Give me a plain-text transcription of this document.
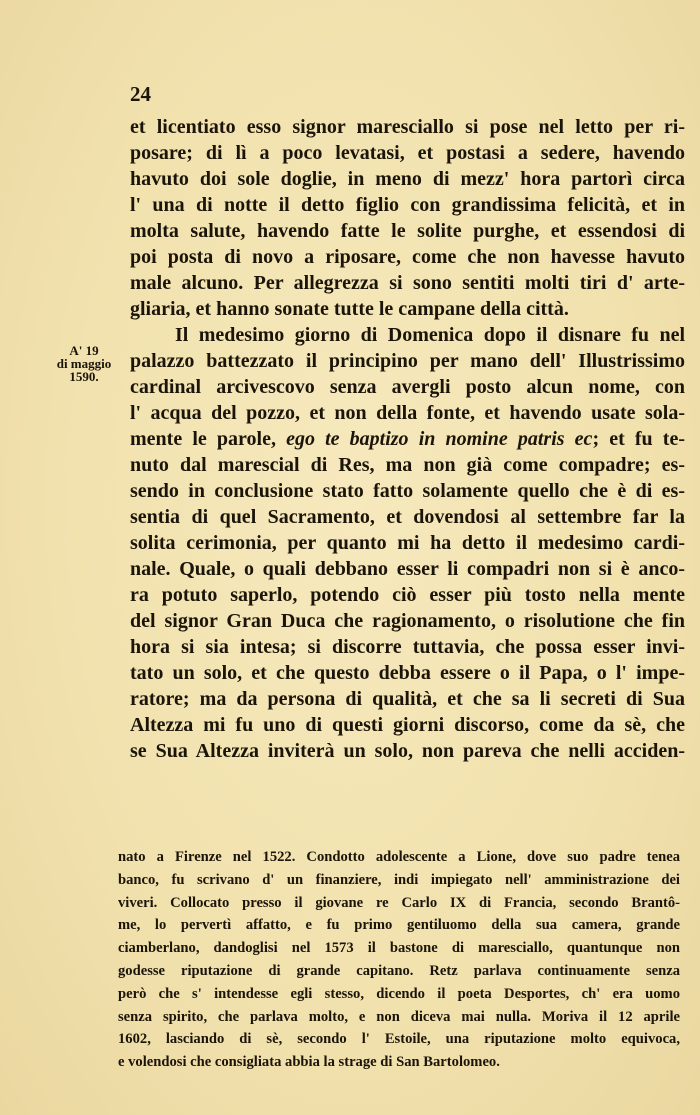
24
A' 19
di maggio
1590.
et licentiato esso signor maresciallo si pose nel letto per ri-
posare; di lì a poco levatasi, et postasi a sedere, havendo
havuto doi sole doglie, in meno di mezz' hora partorì circa
l' una di notte il detto figlio con grandissima felicità, et in
molta salute, havendo fatte le solite purghe, et essendosi di
poi posta di novo a riposare, come che non havesse havuto
male alcuno. Per allegrezza si sono sentiti molti tiri d' arte-
gliaria, et hanno sonate tutte le campane della città.
Il medesimo giorno di Domenica dopo il disnare fu nel
palazzo battezzato il principino per mano dell' Illustrissimo
cardinal arcivescovo senza avergli posto alcun nome, con
l' acqua del pozzo, et non della fonte, et havendo usate sola-
mente le parole, ego te baptizo in nomine patris ec; et fu te-
nuto dal marescial di Res, ma non già come compadre; es-
sendo in conclusione stato fatto solamente quello che è di es-
sentia di quel Sacramento, et dovendosi al settembre far la
solita cerimonia, per quanto mi ha detto il medesimo cardi-
nale. Quale, o quali debbano esser li compadri non si è anco-
ra potuto saperlo, potendo ciò esser più tosto nella mente
del signor Gran Duca che ragionamento, o risolutione che fin
hora si sia intesa; si discorre tuttavia, che possa esser invi-
tato un solo, et che questo debba essere o il Papa, o l' impe-
ratore; ma da persona di qualità, et che sa li secreti di Sua
Altezza mi fu uno di questi giorni discorso, come da sè, che
se Sua Altezza inviterà un solo, non pareva che nelli acciden-
nato a Firenze nel 1522. Condotto adolescente a Lione, dove suo padre tenea
banco, fu scrivano d' un finanziere, indi impiegato nell' amministrazione dei
viveri. Collocato presso il giovane re Carlo IX di Francia, secondo Brantô-
me, lo pervertì affatto, e fu primo gentiluomo della sua camera, grande
ciamberlano, dandoglisi nel 1573 il bastone di maresciallo, quantunque non
godesse riputazione di grande capitano. Retz parlava continuamente senza
però che s' intendesse egli stesso, dicendo il poeta Desportes, ch' era uomo
senza spirito, che parlava molto, e non diceva mai nulla. Moriva il 12 aprile
1602, lasciando di sè, secondo l' Estoile, una riputazione molto equivoca,
e volendosi che consigliata abbia la strage di San Bartolomeo.
